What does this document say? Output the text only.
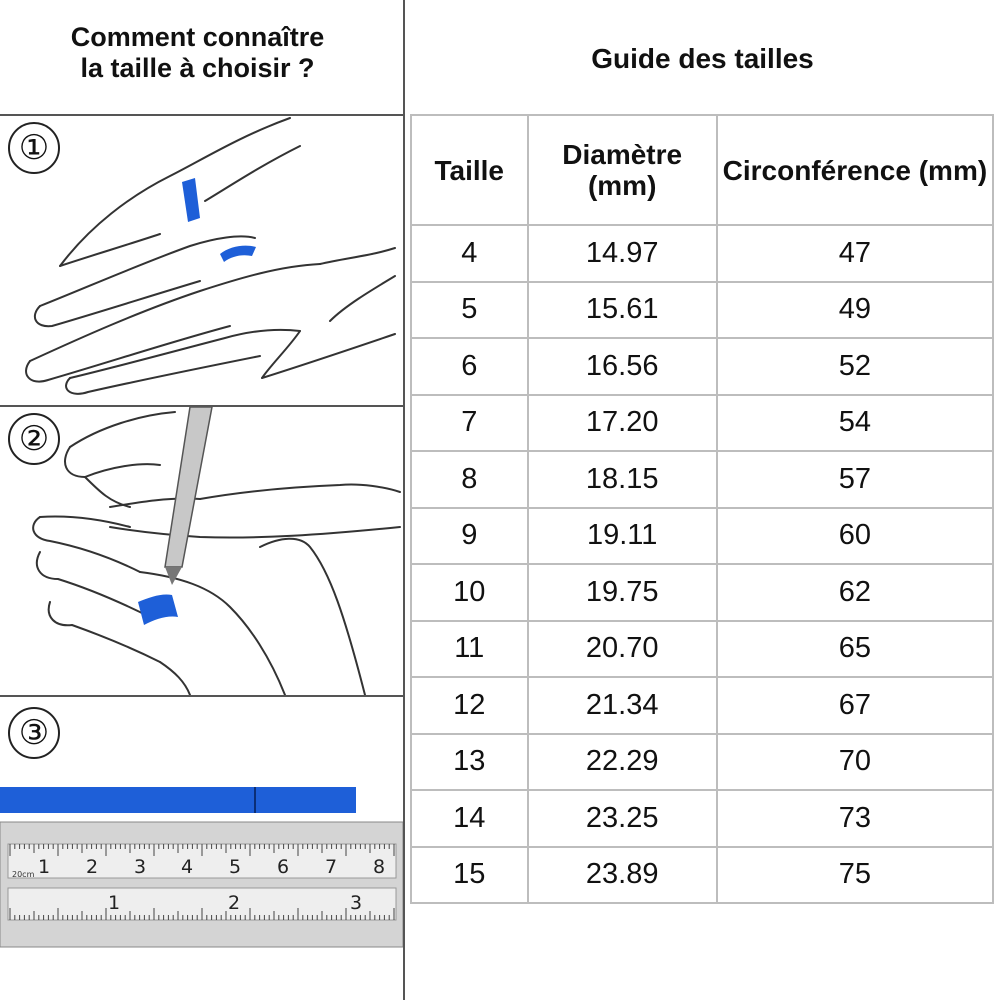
Comment connaître
la taille à choisir ?	Guide des tailles
①
②
1 2 3 4 5 6 7 8
1	2	3
20cm
③
Taille	Diamètre (mm)	Circonférence (mm)
4	14.97	47
5	15.61	49
6	16.56	52
7	17.20	54
8	18.15	57
9	19.11	60
10	19.75	62
11	20.70	65
12	21.34	67
13	22.29	70
14	23.25	73
15	23.89	75
